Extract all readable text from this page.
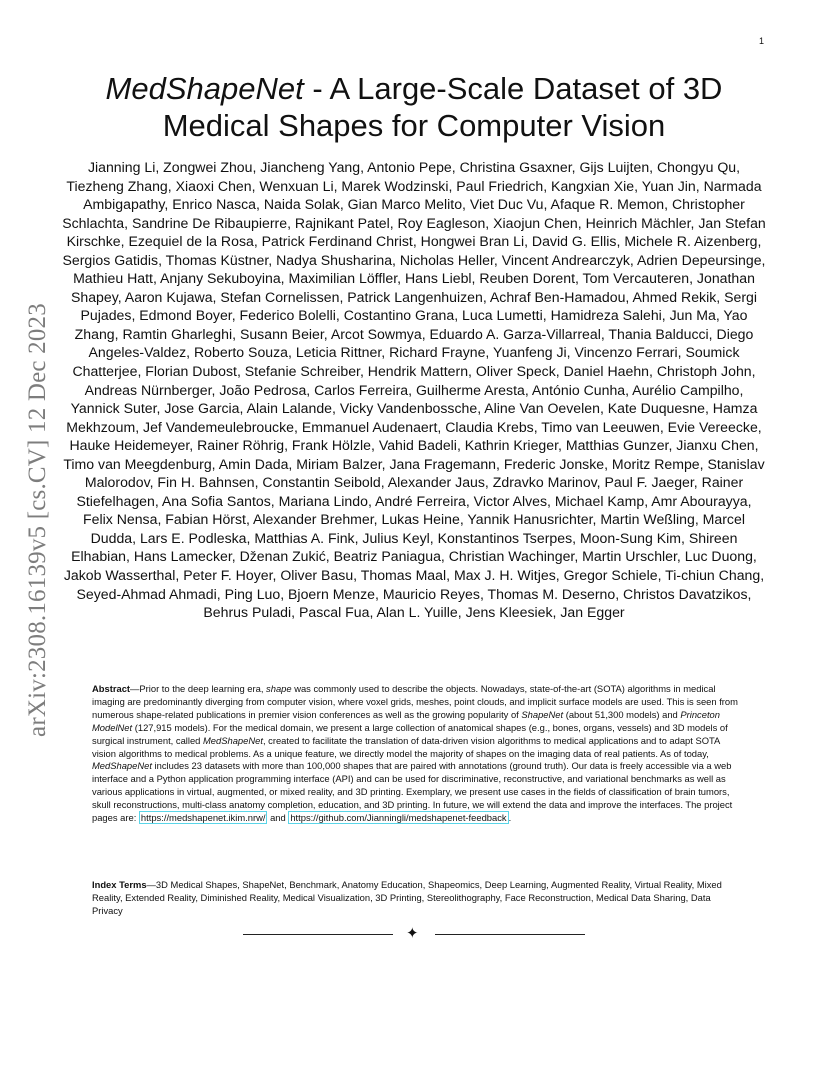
1
arXiv:2308.16139v5 [cs.CV] 12 Dec 2023
MedShapeNet - A Large-Scale Dataset of 3D
Medical Shapes for Computer Vision

Jianning Li, Zongwei Zhou, Jiancheng Yang, Antonio Pepe, Christina Gsaxner, Gijs Luijten, Chongyu Qu, Tiezheng Zhang, Xiaoxi Chen, Wenxuan Li, Marek Wodzinski, Paul Friedrich, Kangxian Xie, Yuan Jin, Narmada Ambigapathy, Enrico Nasca, Naida Solak, Gian Marco Melito, Viet Duc Vu, Afaque R. Memon, Christopher Schlachta, Sandrine De Ribaupierre, Rajnikant Patel, Roy Eagleson, Xiaojun Chen, Heinrich Mächler, Jan Stefan Kirschke, Ezequiel de la Rosa, Patrick Ferdinand Christ, Hongwei Bran Li, David G. Ellis, Michele R. Aizenberg, Sergios Gatidis, Thomas Küstner, Nadya Shusharina, Nicholas Heller, Vincent Andrearczyk, Adrien Depeursinge, Mathieu Hatt, Anjany Sekuboyina, Maximilian Löffler, Hans Liebl, Reuben Dorent, Tom Vercauteren, Jonathan Shapey, Aaron Kujawa, Stefan Cornelissen, Patrick Langenhuizen, Achraf Ben-Hamadou, Ahmed Rekik, Sergi Pujades, Edmond Boyer, Federico Bolelli, Costantino Grana, Luca Lumetti, Hamidreza Salehi, Jun Ma, Yao Zhang, Ramtin Gharleghi, Susann Beier, Arcot Sowmya, Eduardo A. Garza-Villarreal, Thania Balducci, Diego Angeles-Valdez, Roberto Souza, Leticia Rittner, Richard Frayne, Yuanfeng Ji, Vincenzo Ferrari, Soumick Chatterjee, Florian Dubost, Stefanie Schreiber, Hendrik Mattern, Oliver Speck, Daniel Haehn, Christoph John, Andreas Nürnberger, João Pedrosa, Carlos Ferreira, Guilherme Aresta, António Cunha, Aurélio Campilho, Yannick Suter, Jose Garcia, Alain Lalande, Vicky Vandenbossche, Aline Van Oevelen, Kate Duquesne, Hamza Mekhzoum, Jef Vandemeulebroucke, Emmanuel Audenaert, Claudia Krebs, Timo van Leeuwen, Evie Vereecke, Hauke Heidemeyer, Rainer Röhrig, Frank Hölzle, Vahid Badeli, Kathrin Krieger, Matthias Gunzer, Jianxu Chen, Timo van Meegdenburg, Amin Dada, Miriam Balzer, Jana Fragemann, Frederic Jonske, Moritz Rempe, Stanislav Malorodov, Fin H. Bahnsen, Constantin Seibold, Alexander Jaus, Zdravko Marinov, Paul F. Jaeger, Rainer Stiefelhagen, Ana Sofia Santos, Mariana Lindo, André Ferreira, Victor Alves, Michael Kamp, Amr Abourayya, Felix Nensa, Fabian Hörst, Alexander Brehmer, Lukas Heine, Yannik Hanusrichter, Martin Weßling, Marcel Dudda, Lars E. Podleska, Matthias A. Fink, Julius Keyl, Konstantinos Tserpes, Moon-Sung Kim, Shireen Elhabian, Hans Lamecker, Dženan Zukić, Beatriz Paniagua, Christian Wachinger, Martin Urschler, Luc Duong, Jakob Wasserthal, Peter F. Hoyer, Oliver Basu, Thomas Maal, Max J. H. Witjes, Gregor Schiele, Ti-chiun Chang, Seyed-Ahmad Ahmadi, Ping Luo, Bjoern Menze, Mauricio Reyes, Thomas M. Deserno, Christos Davatzikos, Behrus Puladi, Pascal Fua, Alan L. Yuille, Jens Kleesiek, Jan Egger

Abstract—Prior to the deep learning era, shape was commonly used to describe the objects. Nowadays, state-of-the-art (SOTA) algorithms in medical imaging are predominantly diverging from computer vision, where voxel grids, meshes, point clouds, and implicit surface models are used. This is seen from numerous shape-related publications in premier vision conferences as well as the growing popularity of ShapeNet (about 51,300 models) and Princeton ModelNet (127,915 models). For the medical domain, we present a large collection of anatomical shapes (e.g., bones, organs, vessels) and 3D models of surgical instrument, called MedShapeNet, created to facilitate the translation of data-driven vision algorithms to medical applications and to adapt SOTA vision algorithms to medical problems. As a unique feature, we directly model the majority of shapes on the imaging data of real patients. As of today, MedShapeNet includes 23 datasets with more than 100,000 shapes that are paired with annotations (ground truth). Our data is freely accessible via a web interface and a Python application programming interface (API) and can be used for discriminative, reconstructive, and variational benchmarks as well as various applications in virtual, augmented, or mixed reality, and 3D printing. Exemplary, we present use cases in the fields of classification of brain tumors, skull reconstructions, multi-class anatomy completion, education, and 3D printing. In future, we will extend the data and improve the interfaces. The project pages are: https://medshapenet.ikim.nrw/ and https://github.com/Jianningli/medshapenet-feedback .

Index Terms—3D Medical Shapes, ShapeNet, Benchmark, Anatomy Education, Shapeomics, Deep Learning, Augmented Reality, Virtual Reality, Mixed Reality, Extended Reality, Diminished Reality, Medical Visualization, 3D Printing, Stereolithography, Face Reconstruction, Medical Data Sharing, Data Privacy

✦
